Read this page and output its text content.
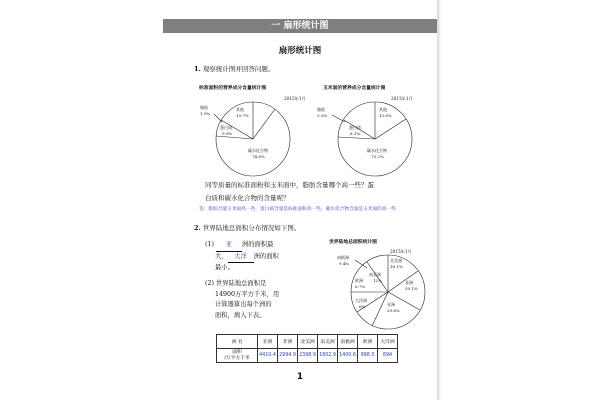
一 扇形统计图
扇形统计图
1. 观察统计图并回答问题。
标准面粉的营养成分含量统计图
2015年1月
脂肪
1.9%
其他
13.7%
蛋白质
9.9%
碳水化合物
74.6%
玉米面的营养成分含量统计图
2015年1月
脂肪
3.3%
其他
13.6%
蛋白质
8.1%
碳水化合物
75.2%
同等质量的标准面粉和玉米面中，脂肪含量哪个高一些？蛋
白质和碳水化合物的含量呢？
答：脂肪含量玉米面高一些，蛋白质含量是标准面粉高一些，碳水化合物含量是玉米面的高一些
2. 世界陆地总面积分布情况如下图。
(1) 亚 洲的面积最
大， 大洋 洲的面积
最小。
(2) 世界陆地总面积是
14900万平方千米，用
计算器算出每个洲的
面积，填入下表。
世界陆地总面积统计图
2015年1月
南极洲
9.4%
北美洲
16.1%
非洲
20.1%
亚洲
29.6%
大洋洲
6%
欧洲
6.7%
南美洲
12%
洲 名	亚洲	非洲	北美洲	南美洲	南极洲	欧洲	大洋洲

面积
/万平方千米	4410.4	2994.9	2398.9	1802.9	1400.6	998.3	894
1
